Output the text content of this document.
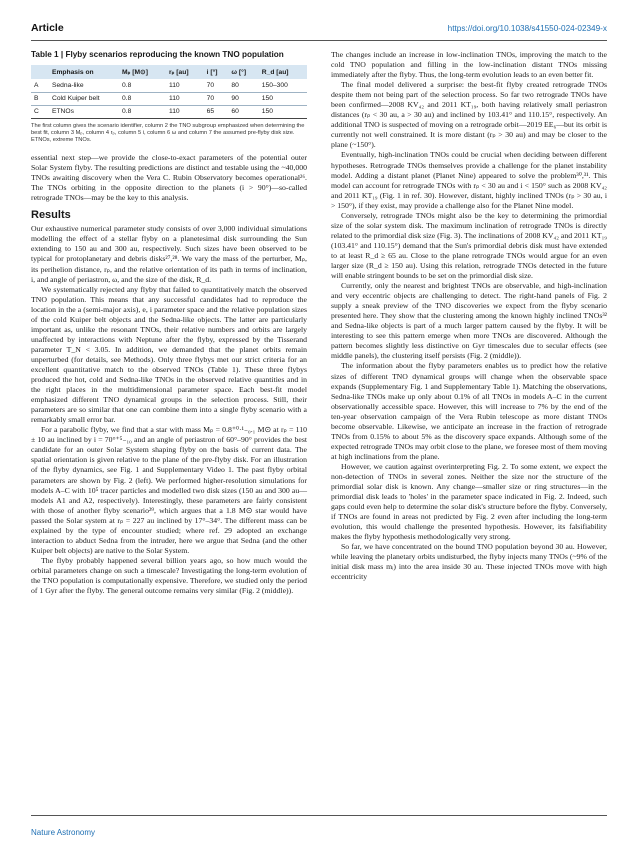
Article	https://doi.org/10.1038/s41550-024-02349-x
Table 1 | Flyby scenarios reproducing the known TNO population
	Emphasis on	Mₚ [M⊙]	rₚ [au]	i [°]	ω [°]	R_d [au]
A	Sedna-like	0.8	110	70	80	150–300
B	Cold Kuiper belt	0.8	110	70	90	150
C	ETNOs	0.8	110	65	60	150
The first column gives the scenario identifier, column 2 the TNO subgroup emphasized when determining the best fit, column 3 Mₚ, column 4 rₚ, column 5 i, column 6 ω and column 7 the assumed pre-flyby disk size. ETNOs, extreme TNOs.

essential next step—we provide the close-to-exact parameters of the potential outer Solar System flyby. The resulting predictions are distinct and testable using the ~40,000 TNOs awaiting discovery when the Vera C. Rubin Observatory becomes operational²⁶. The TNOs orbiting in the opposite direction to the planets (i > 90°)—so-called retrograde TNOs—may be the key to this analysis.

Results

Our exhaustive numerical parameter study consists of over 3,000 individual simulations modelling the effect of a stellar flyby on a planetesimal disk surrounding the Sun extending to 150 au and 300 au, respectively. Such sizes have been observed to be typical for protoplanetary and debris disks²⁷,²⁸. We vary the mass of the perturber, Mₚ, its perihelion distance, rₚ, and the relative orientation of its path in terms of inclination, i, and angle of periastron, ω, and the size of the disk, R_d.

We systematically rejected any flyby that failed to quantitatively match the observed TNO population. This means that any successful candidates had to reproduce the location in the a (semi-major axis), e, i parameter space and the relative population sizes of the cold Kuiper belt objects and the Sedna-like objects. The latter are particularly important as, unlike the resonant TNOs, their relative numbers and orbits are largely unaffected by interactions with Neptune after the flyby, expressed by the Tisserand parameter T_N < 3.05. In addition, we demanded that the planet orbits remain unperturbed (for details, see Methods). Only three flybys met our strict criteria for an excellent quantitative match to the observed TNOs (Table 1). These three flybys produced the hot, cold and Sedna-like TNOs in the observed relative quantities and in the right places in the multidimensional parameter space. Each best-fit model emphasized different TNO dynamical groups in the selection process. Still, their parameters are so similar that one can combine them into a single flyby scenario with a remarkably small error bar.

For a parabolic flyby, we find that a star with mass Mₚ = 0.8⁺⁰·¹₋₀.₁ M⊙ at rₚ = 110 ± 10 au inclined by i = 70°⁺⁵₋₁₀ and an angle of periastron of 60°–90° provides the best candidate for an outer Solar System shaping flyby on the basis of current data. The spatial orientation is given relative to the plane of the pre-flyby disk. For an illustration of the flyby dynamics, see Fig. 1 and Supplementary Video 1. The past flyby orbital parameters are shown by Fig. 2 (left). We performed higher-resolution simulations for models A–C with 10⁵ tracer particles and modelled two disk sizes (150 au and 300 au—models A1 and A2, respectively). Interestingly, these parameters are fairly consistent with those of another flyby scenario²⁹, which argues that a 1.8 M⊙ star would have passed the Solar system at rₚ = 227 au inclined by 17°–34°. The different mass can be explained by the type of encounter studied; where ref. 29 adopted an exchange interaction to abduct Sedna from the intruder, here we argue that Sedna (and the other Kuiper belt objects) are native to the Solar System.

The flyby probably happened several billion years ago, so how much would the orbital parameters change on such a timescale? Investigating the long-term evolution of the TNO population is computationally expensive. Therefore, we studied only the period of 1 Gyr after the flyby. The general outcome remains very similar (Fig. 2 (middle)).

The changes include an increase in low-inclination TNOs, improving the match to the cold TNO population and filling in the low-inclination distant TNOs missing immediately after the flyby. Thus, the long-term evolution leads to an even better fit.

The final model delivered a surprise: the best-fit flyby created retrograde TNOs despite them not being part of the selection process. So far two retrograde TNOs have been confirmed—2008 KV₄₂ and 2011 KT₁₉, both having relatively small periastron distances (rₚ < 30 au, a > 30 au) and inclined by 103.41° and 110.15°, respectively. An additional TNO is suspected of moving on a retrograde orbit—2019 EE₆—but its orbit is currently not well constrained. It is more distant (rₚ > 30 au) and may be closer to the plane (~150°).

Eventually, high-inclination TNOs could be crucial when deciding between different hypotheses. Retrograde TNOs themselves provide a challenge for the planet instability model. Adding a distant planet (Planet Nine) appeared to solve the problem³⁰,³¹. This model can account for retrograde TNOs with rₚ < 30 au and i < 150° such as 2008 KV₄₂ and 2011 KT₁₉ (Fig. 1 in ref. 30). However, distant, highly inclined TNOs (rₚ > 30 au, i > 150°), if they exist, may provide a challenge also for the Planet Nine model.

Conversely, retrograde TNOs might also be the key to determining the primordial size of the solar system disk. The maximum inclination of retrograde TNOs is directly related to the primordial disk size (Fig. 3). The inclinations of 2008 KV₄₂ and 2011 KT₁₉ (103.41° and 110.15°) demand that the Sun's primordial debris disk must have extended to at least R_d ≥ 65 au. Close to the plane retrograde TNOs would argue for an even larger size (R_d ≥ 150 au). Using this relation, retrograde TNOs detected in the future will enable stringent bounds to be set on the primordial disk size.

Currently, only the nearest and brightest TNOs are observable, and high-inclination and very eccentric objects are challenging to detect. The right-hand panels of Fig. 2 supply a sneak preview of the TNO discoveries we expect from the flyby scenario presented here. They show that the clustering among the known highly inclined TNOs³² and Sedna-like objects is part of a much larger pattern caused by the flyby. It will be interesting to see this pattern emerge when more TNOs are discovered. Although the pattern becomes slightly less distinctive on Gyr timescales due to secular effects (see middle panels), the clustering itself persists (Fig. 2 (middle)).

The information about the flyby parameters enables us to predict how the relative sizes of different TNO dynamical groups will change when the observable space expands (Supplementary Fig. 1 and Supplementary Table 1). Matching the observations, Sedna-like TNOs make up only about 0.1% of all TNOs in models A–C in the current observationally accessible space. However, this will increase to 7% by the end of the ten-year observation campaign of the Vera Rubin telescope as more distant TNOs become observable. Likewise, we anticipate an increase in the fraction of retrograde TNOs from 0.15% to about 5% as the discovery space expands. Although some of the expected retrograde TNOs may orbit close to the plane, we foresee most of them moving at high inclinations from the plane.

However, we caution against overinterpreting Fig. 2. To some extent, we expect the non-detection of TNOs in several zones. Neither the size nor the structure of the primordial solar disk is known. Any change—smaller size or ring structures—in the primordial disk leads to 'holes' in the parameter space indicated in Fig. 2. Indeed, such gaps could even help to determine the solar disk's structure before the flyby. Conversely, if TNOs are found in areas not predicted by Fig. 2 even after including the long-term evolution, this would challenge the presented hypothesis. However, its falsifiability makes the flyby hypothesis methodologically very strong.

So far, we have concentrated on the bound TNO population beyond 30 au. However, while leaving the planetary orbits undisturbed, the flyby injects many TNOs (~9% of the initial disk mass mᵢ) into the area inside 30 au. These injected TNOs move with high eccentricity

Nature Astronomy
